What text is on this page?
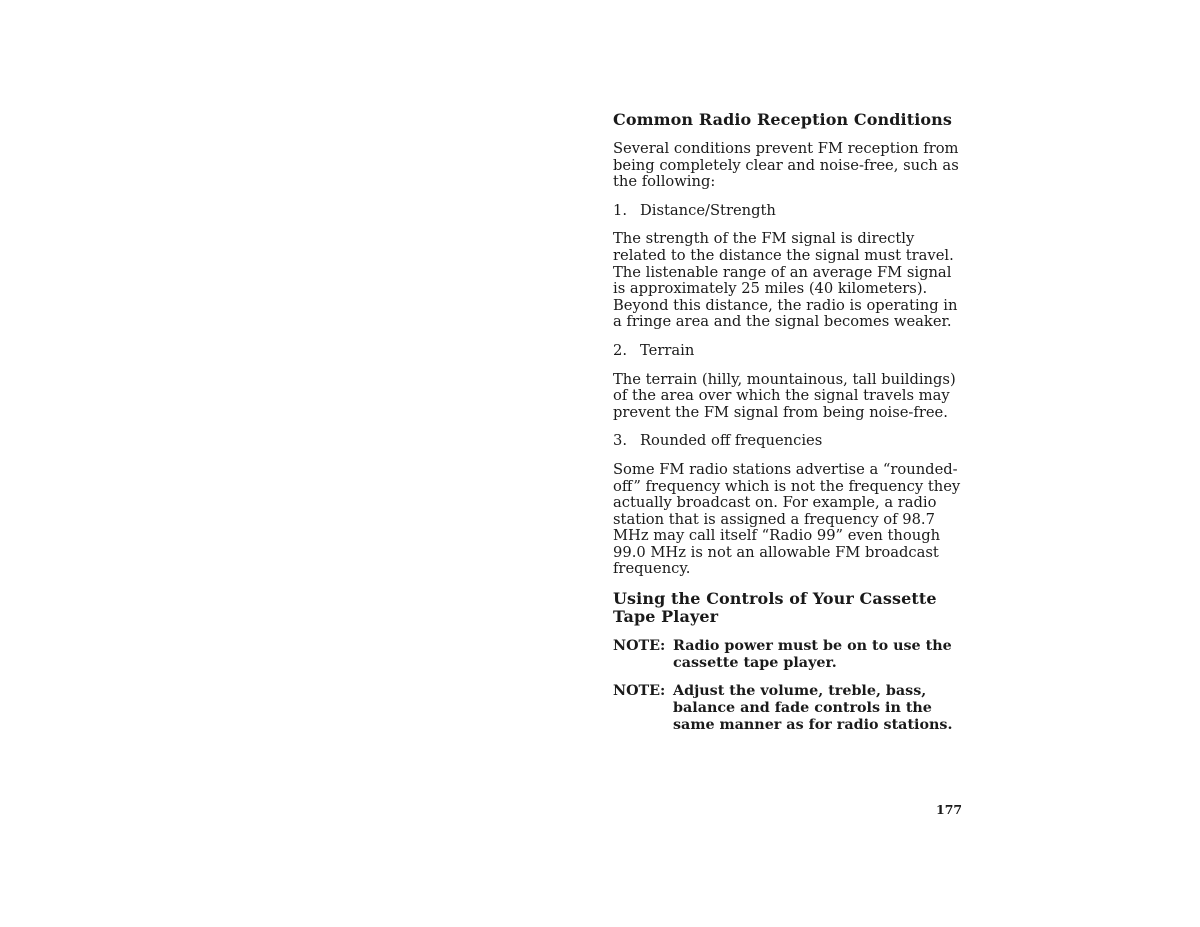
Common Radio Reception Conditions

Several conditions prevent FM reception from being completely clear and noise-free, such as the following:

1. Distance/Strength

The strength of the FM signal is directly related to the distance the signal must travel. The listenable range of an average FM signal is approximately 25 miles (40 kilometers). Beyond this distance, the radio is operating in a fringe area and the signal becomes weaker.

2. Terrain

The terrain (hilly, mountainous, tall buildings) of the area over which the signal travels may prevent the FM signal from being noise-free.

3. Rounded off frequencies

Some FM radio stations advertise a “rounded-off” frequency which is not the frequency they actually broadcast on. For example, a radio station that is assigned a frequency of 98.7 MHz may call itself “Radio 99” even though 99.0 MHz is not an allowable FM broadcast frequency.

Using the Controls of Your Cassette Tape Player
NOTE: Radio power must be on to use the cassette tape player.
NOTE: Adjust the volume, treble, bass, balance and fade controls in the same manner as for radio stations.
177
